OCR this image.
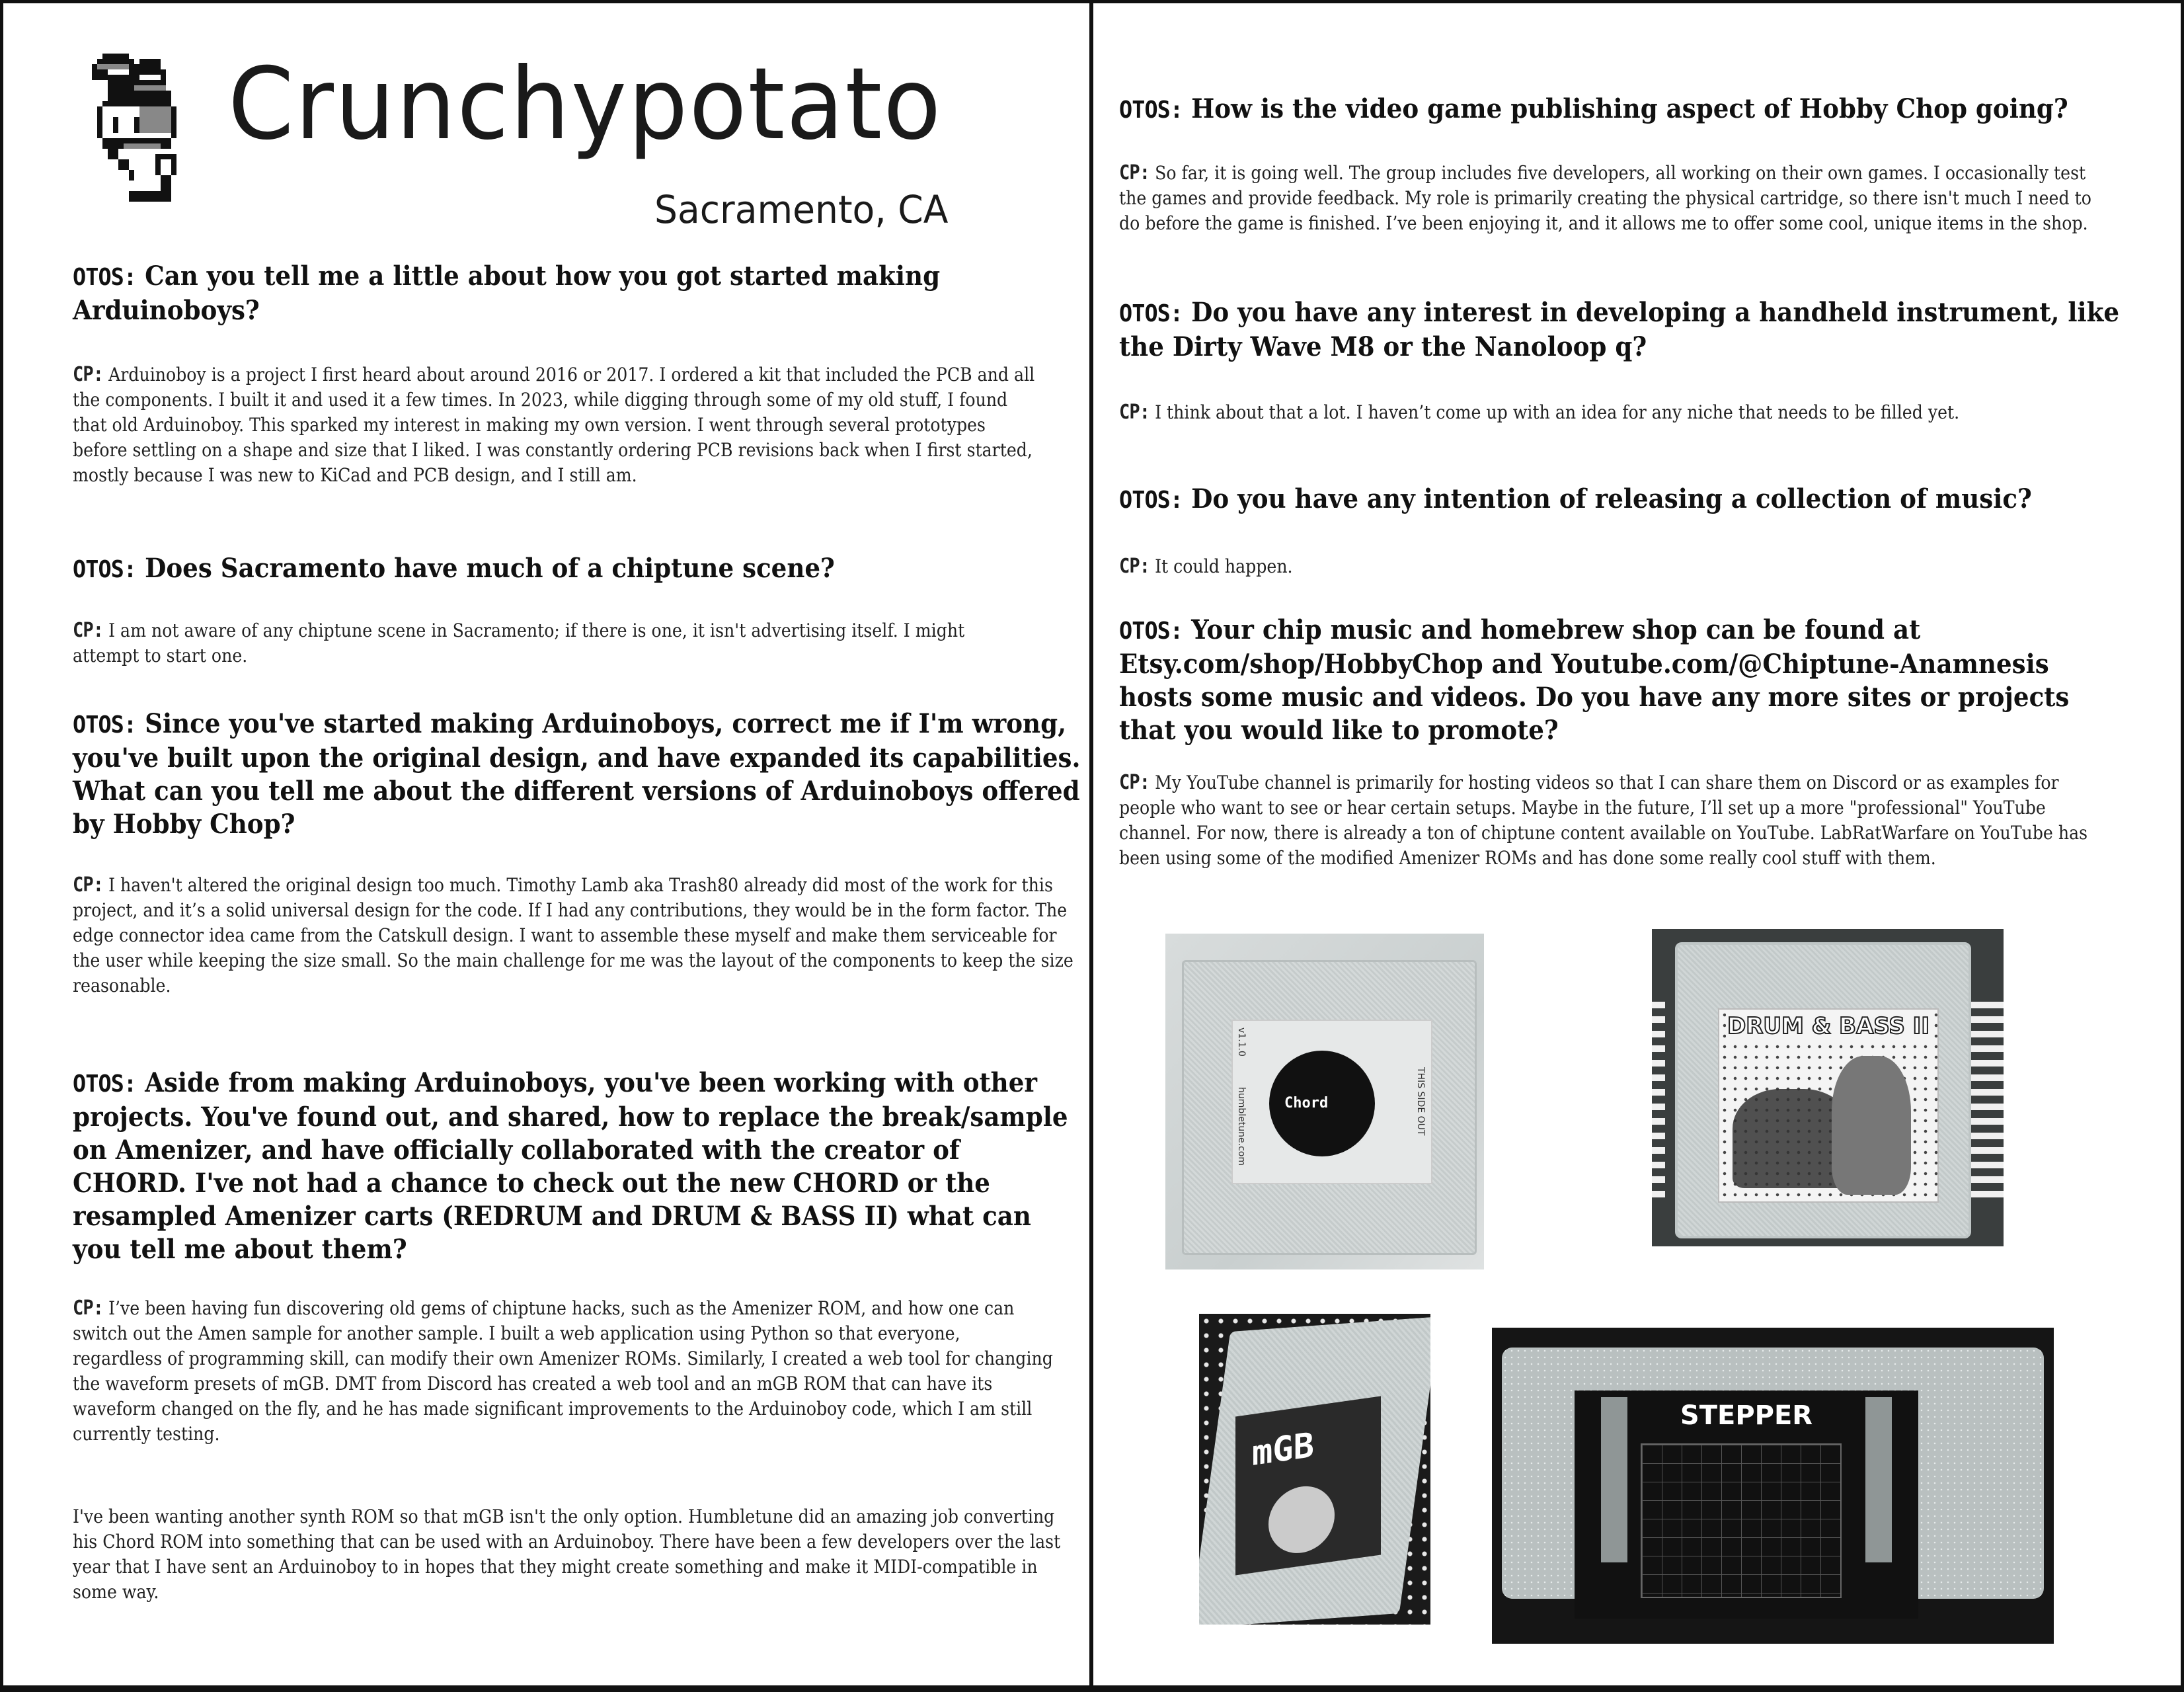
Crunchypotato
Sacramento, CA
OTOS: Can you tell me a little about how you got started making Arduinoboys?
CP: Arduinoboy is a project I first heard about around 2016 or 2017. I ordered a kit that included the PCB and all the components. I built it and used it a few times. In 2023, while digging through some of my old stuff, I found that old Arduinoboy. This sparked my interest in making my own version. I went through several prototypes before settling on a shape and size that I liked. I was constantly ordering PCB revisions back when I first started, mostly because I was new to KiCad and PCB design, and I still am.
OTOS: Does Sacramento have much of a chiptune scene?
CP: I am not aware of any chiptune scene in Sacramento; if there is one, it isn't advertising itself. I might attempt to start one.
OTOS: Since you've started making Arduinoboys, correct me if I'm wrong, you've built upon the original design, and have expanded its capabilities. What can you tell me about the different versions of Arduinoboys offered by Hobby Chop?
CP: I haven't altered the original design too much. Timothy Lamb aka Trash80 already did most of the work for this project, and it’s a solid universal design for the code. If I had any contributions, they would be in the form factor. The edge connector idea came from the Catskull design. I want to assemble these myself and make them serviceable for the user while keeping the size small. So the main challenge for me was the layout of the components to keep the size reasonable.
OTOS: Aside from making Arduinoboys, you've been working with other projects. You've found out, and shared, how to replace the break/sample on Amenizer, and have officially collaborated with the creator of CHORD. I've not had a chance to check out the new CHORD or the resampled Amenizer carts (REDRUM and DRUM & BASS II) what can you tell me about them?
CP: I’ve been having fun discovering old gems of chiptune hacks, such as the Amenizer ROM, and how one can switch out the Amen sample for another sample. I built a web application using Python so that everyone, regardless of programming skill, can modify their own Amenizer ROMs. Similarly, I created a web tool for changing the waveform presets of mGB. DMT from Discord has created a web tool and an mGB ROM that can have its waveform changed on the fly, and he has made significant improvements to the Arduinoboy code, which I am still currently testing.
I've been wanting another synth ROM so that mGB isn't the only option. Humbletune did an amazing job converting his Chord ROM into something that can be used with an Arduinoboy. There have been a few developers over the last year that I have sent an Arduinoboy to in hopes that they might create something and make it MIDI-compatible in some way.
OTOS: How is the video game publishing aspect of Hobby Chop going?
CP: So far, it is going well. The group includes five developers, all working on their own games. I occasionally test the games and provide feedback. My role is primarily creating the physical cartridge, so there isn't much I need to do before the game is finished. I’ve been enjoying it, and it allows me to offer some cool, unique items in the shop.
OTOS: Do you have any interest in developing a handheld instrument, like the Dirty Wave M8 or the Nanoloop q?
CP: I think about that a lot. I haven’t come up with an idea for any niche that needs to be filled yet.
OTOS: Do you have any intention of releasing a collection of music?
CP: It could happen.
OTOS: Your chip music and homebrew shop can be found at Etsy.com/shop/HobbyChop and Youtube.com/@Chiptune-Anamnesis hosts some music and videos. Do you have any more sites or projects that you would like to promote?
CP: My YouTube channel is primarily for hosting videos so that I can share them on Discord or as examples for people who want to see or hear certain setups. Maybe in the future, I’ll set up a more "professional" YouTube channel. For now, there is already a ton of chiptune content available on YouTube. LabRatWarfare on YouTube has been using some of the modified Amenizer ROMs and has done some really cool stuff with them.
v1.1.0
Chord
humbletune.com	THIS SIDE OUT
DRUM & BASS II
mGB
STEPPER
